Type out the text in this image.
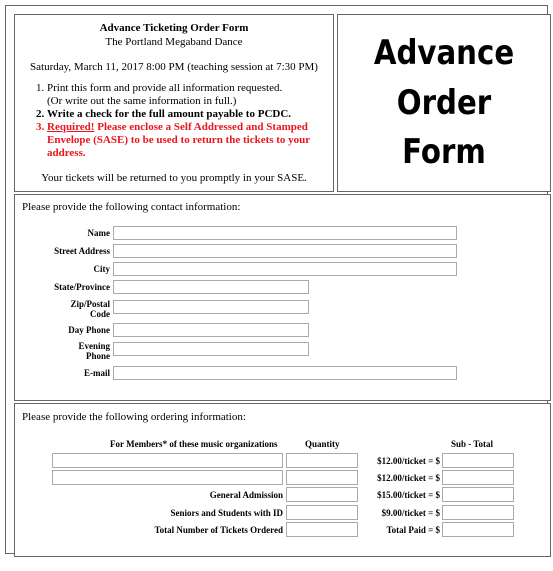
Advance Ticketing Order Form
The Portland Megaband Dance
Saturday, March 11, 2017 8:00 PM (teaching session at 7:30 PM)
1. Print this form and provide all information requested.
(Or write out the same information in full.)
2. Write a check for the full amount payable to PCDC.
3. Required! Please enclose a Self Addressed and Stamped Envelope (SASE) to be used to return the tickets to your address.
Your tickets will be returned to you promptly in your SASE.
Advance
Order
Form
Please provide the following contact information:
Name
Street Address
City
State/Province
Zip/Postal
Code
Day Phone
Evening
Phone
E-mail
Please provide the following ordering information:
For Members* of these music organizations	Quantity	Sub - Total
$12.00/ticket = $
$12.00/ticket = $
General Admission	$15.00/ticket = $
Seniors and Students with ID	$9.00/ticket = $
Total Number of Tickets Ordered	Total Paid = $
